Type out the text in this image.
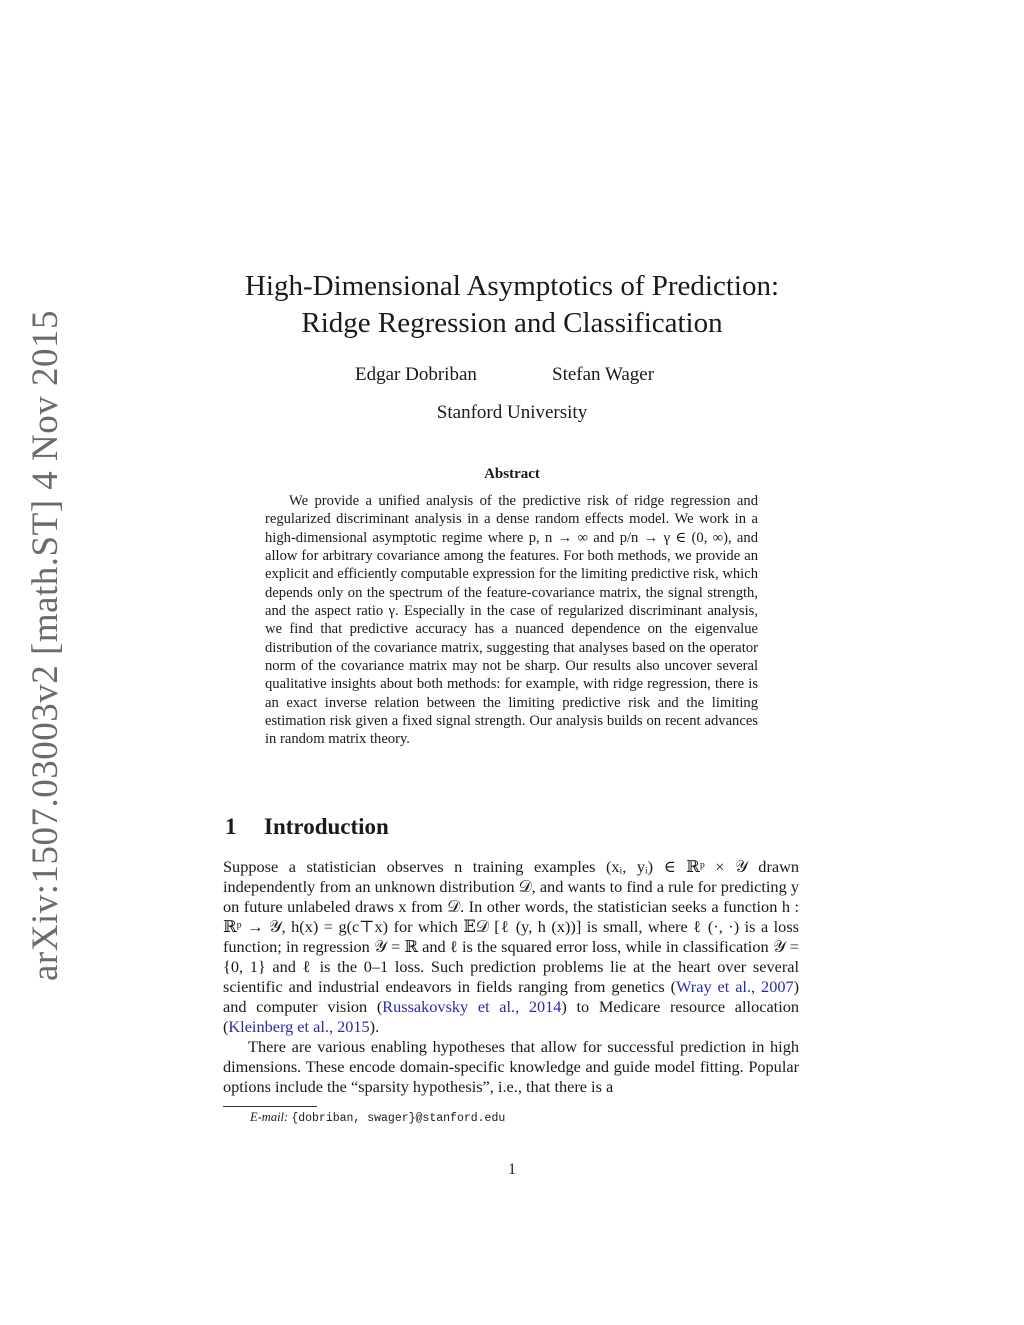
arXiv:1507.03003v2 [math.ST] 4 Nov 2015
High-Dimensional Asymptotics of Prediction:
Ridge Regression and Classification
Edgar Dobriban	Stefan Wager
Stanford University
Abstract
We provide a unified analysis of the predictive risk of ridge regression and regularized discriminant analysis in a dense random effects model. We work in a high-dimensional asymptotic regime where p, n → ∞ and p/n → γ ∈ (0, ∞), and allow for arbitrary covariance among the features. For both methods, we provide an explicit and efficiently computable expression for the limiting predictive risk, which depends only on the spectrum of the feature-covariance matrix, the signal strength, and the aspect ratio γ. Especially in the case of regularized discriminant analysis, we find that predictive accuracy has a nuanced dependence on the eigenvalue distribution of the covariance matrix, suggesting that analyses based on the operator norm of the covariance matrix may not be sharp. Our results also uncover several qualitative insights about both methods: for example, with ridge regression, there is an exact inverse relation between the limiting predictive risk and the limiting estimation risk given a fixed signal strength. Our analysis builds on recent advances in random matrix theory.
1 Introduction

Suppose a statistician observes n training examples (xᵢ, yᵢ) ∈ ℝᵖ × 𝒴 drawn independently from an unknown distribution 𝒟, and wants to find a rule for predicting y on future unlabeled draws x from 𝒟. In other words, the statistician seeks a function h : ℝᵖ → 𝒴, h(x) = g(c⊤x) for which 𝔼𝒟 [ℓ (y, h (x))] is small, where ℓ (·, ·) is a loss function; in regression 𝒴 = ℝ and ℓ is the squared error loss, while in classification 𝒴 = {0, 1} and ℓ is the 0–1 loss. Such prediction problems lie at the heart over several scientific and industrial endeavors in fields ranging from genetics (Wray et al., 2007) and computer vision (Russakovsky et al., 2014) to Medicare resource allocation (Kleinberg et al., 2015).

There are various enabling hypotheses that allow for successful prediction in high dimensions. These encode domain-specific knowledge and guide model fitting. Popular options include the “sparsity hypothesis”, i.e., that there is a

E-mail: {dobriban, swager}@stanford.edu
1
